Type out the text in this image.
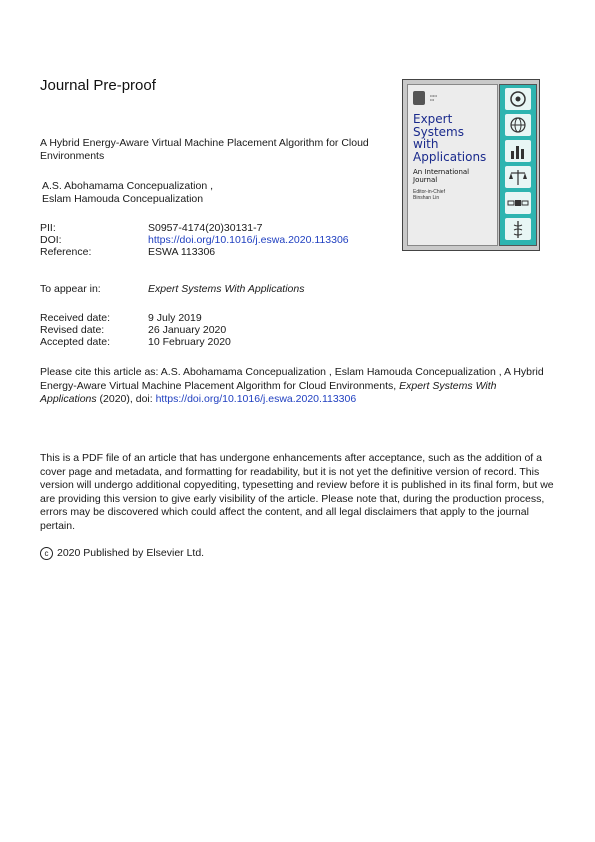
Journal Pre-proof
A Hybrid Energy-Aware Virtual Machine Placement Algorithm for Cloud Environments
A.S. Abohamama Concepualization ,
Eslam Hamouda Concepualization
PII:	S0957-4174(20)30131-7
DOI:	https://doi.org/10.1016/j.eswa.2020.113306
Reference:	ESWA 113306
To appear in:	Expert Systems With Applications
Received date:	9 July 2019
Revised date:	26 January 2020
Accepted date:	10 February 2020
Please cite this article as: A.S. Abohamama Concepualization , Eslam Hamouda Concepualization , A Hybrid Energy-Aware Virtual Machine Placement Algorithm for Cloud Environments, Expert Systems With Applications (2020), doi: https://doi.org/10.1016/j.eswa.2020.113306
This is a PDF file of an article that has undergone enhancements after acceptance, such as the addition of a cover page and metadata, and formatting for readability, but it is not yet the definitive version of record. This version will undergo additional copyediting, typesetting and review before it is published in its final form, but we are providing this version to give early visibility of the article. Please note that, during the production process, errors may be discovered which could affect the content, and all legal disclaimers that apply to the journal pertain.
c 2020 Published by Elsevier Ltd.
•••••
•••
Expert
Systems
with
Applications
An International
Journal
Editor-in-Chief
Binshan Lin
